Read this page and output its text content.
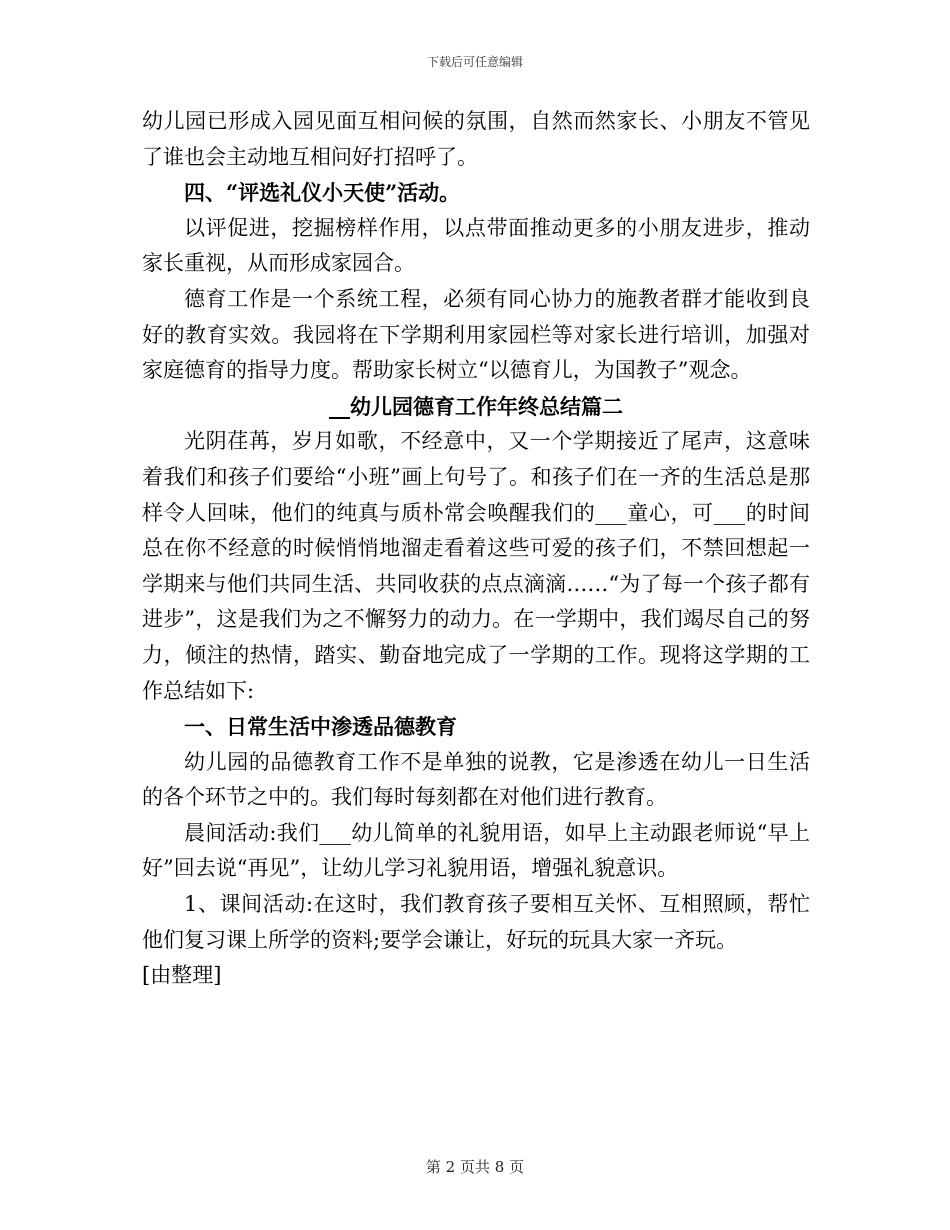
下载后可任意编辑

幼儿园已形成入园见面互相问候的氛围，自然而然家长、小朋友不管见了谁也会主动地互相问好打招呼了。

四、“评选礼仪小天使”活动。

以评促进，挖掘榜样作用，以点带面推动更多的小朋友进步，推动家长重视，从而形成家园合。

德育工作是一个系统工程，必须有同心协力的施教者群才能收到良好的教育实效。我园将在下学期利用家园栏等对家长进行培训，加强对家庭德育的指导力度。帮助家长树立“以德育儿，为国教子”观念。

__幼儿园德育工作年终总结篇二

光阴荏苒，岁月如歌，不经意中，又一个学期接近了尾声，这意味着我们和孩子们要给“小班”画上句号了。和孩子们在一齐的生活总是那样令人回味，他们的纯真与质朴常会唤醒我们的___童心，可___的时间总在你不经意的时候悄悄地溜走看着这些可爱的孩子们，不禁回想起一学期来与他们共同生活、共同收获的点点滴滴……“为了每一个孩子都有进步”，这是我们为之不懈努力的动力。在一学期中，我们竭尽自己的努力，倾注的热情，踏实、勤奋地完成了一学期的工作。现将这学期的工作总结如下:

一、日常生活中渗透品德教育

幼儿园的品德教育工作不是单独的说教，它是渗透在幼儿一日生活的各个环节之中的。我们每时每刻都在对他们进行教育。

晨间活动:我们___幼儿简单的礼貌用语，如早上主动跟老师说“早上好”回去说“再见”，让幼儿学习礼貌用语，增强礼貌意识。

1、课间活动:在这时，我们教育孩子要相互关怀、互相照顾，帮忙他们复习课上所学的资料;要学会谦让，好玩的玩具大家一齐玩。

[由整理]

第 2 页共 8 页
